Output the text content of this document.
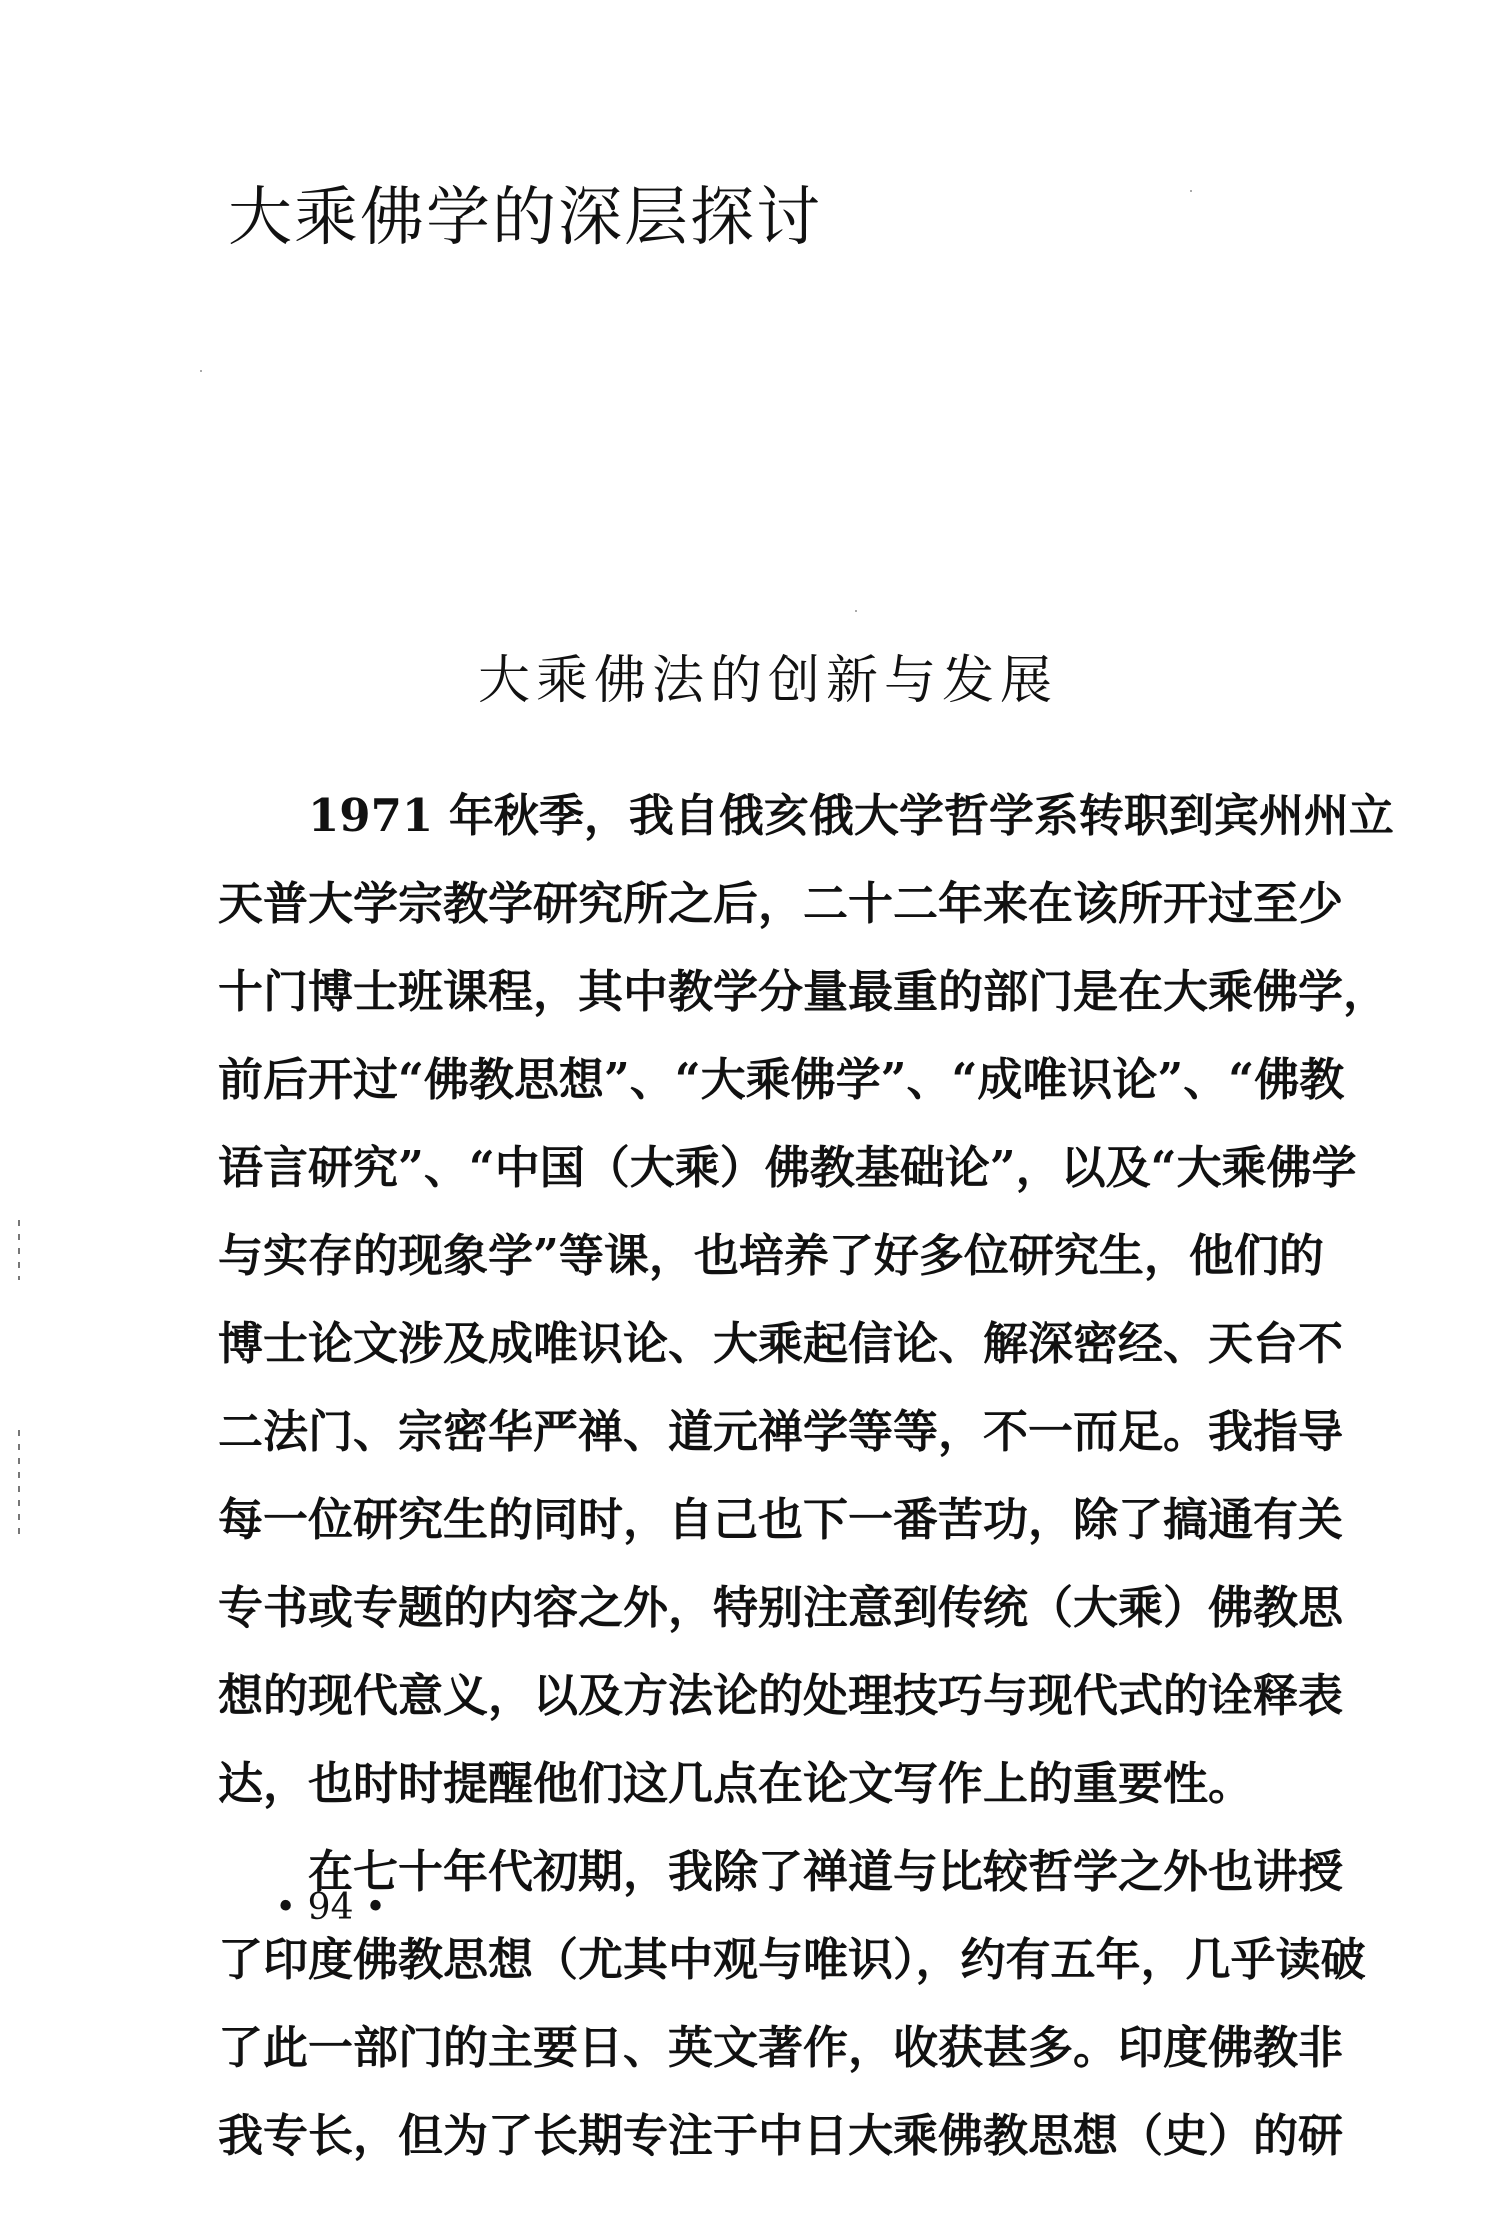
大乘佛学的深层探讨
大乘佛法的创新与发展
1971 年秋季，我自俄亥俄大学哲学系转职到宾州州立
天普大学宗教学研究所之后，二十二年来在该所开过至少
十门博士班课程，其中教学分量最重的部门是在大乘佛学，
前后开过“佛教思想”、“大乘佛学”、“成唯识论”、“佛教
语言研究”、“中国（大乘）佛教基础论”，以及“大乘佛学
与实存的现象学”等课，也培养了好多位研究生，他们的
博士论文涉及成唯识论、大乘起信论、解深密经、天台不
二法门、宗密华严禅、道元禅学等等，不一而足。我指导
每一位研究生的同时，自己也下一番苦功，除了搞通有关
专书或专题的内容之外，特别注意到传统（大乘）佛教思
想的现代意义，以及方法论的处理技巧与现代式的诠释表
达，也时时提醒他们这几点在论文写作上的重要性。
在七十年代初期，我除了禅道与比较哲学之外也讲授
了印度佛教思想（尤其中观与唯识），约有五年，几乎读破
了此一部门的主要日、英文著作，收获甚多。印度佛教非
我专长，但为了长期专注于中日大乘佛教思想（史）的研
• 94 •
